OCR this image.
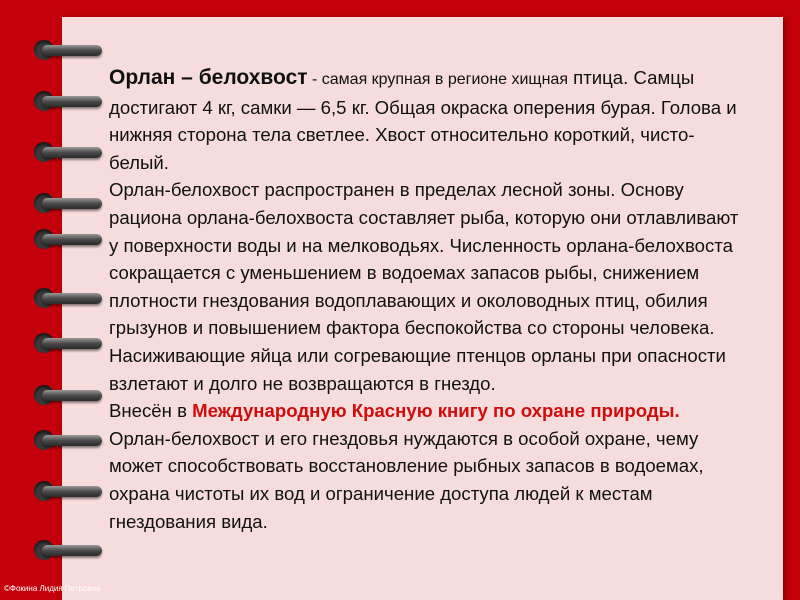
Орлан – белохвост - самая крупная в регионе хищная птица. Самцы достигают 4 кг, самки — 6,5 кг. Общая окраска оперения бурая. Голова и нижняя сторона тела светлее. Хвост относительно короткий, чисто-белый.

Орлан-белохвост распространен в пределах лесной зоны. Основу рациона орлана-белохвоста составляет рыба, которую они отлавливают у поверхности воды и на мелководьях. Численность орлана-белохвоста сокращается с уменьшением в водоемах запасов рыбы, снижением плотности гнездования водоплавающих и околоводных птиц, обилия грызунов и повышением фактора беспокойства со стороны человека. Насиживающие яйца или согревающие птенцов орланы при опасности взлетают и долго не возвращаются в гнездо.

Внесён в Международную Красную книгу по охране природы.

Орлан-белохвост и его гнездовья нуждаются в особой охране, чему может способствовать восстановление рыбных запасов в водоемах, охрана чистоты их вод и ограничение доступа людей к местам гнездования вида.

©Фокина Лидия Петровна
